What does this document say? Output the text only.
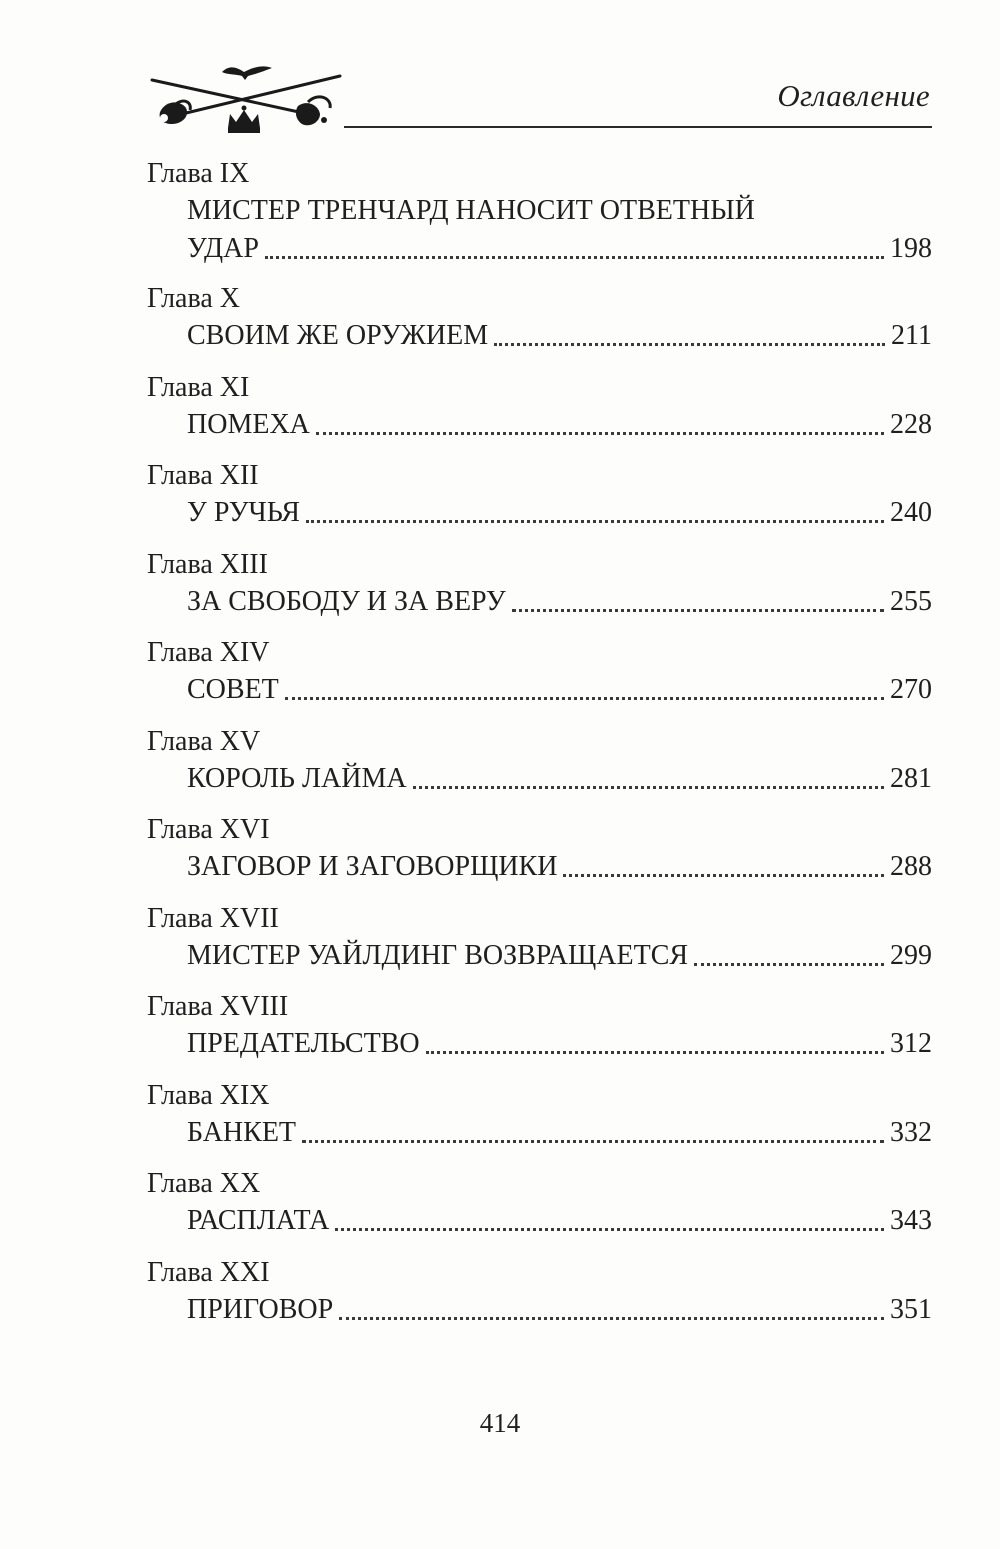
Оглавление
Глава IX
МИСТЕР ТРЕНЧАРД НАНОСИТ ОТВЕТНЫЙ
УДАР	198
Глава X
СВОИМ ЖЕ ОРУЖИЕМ	211
Глава XI
ПОМЕХА	228
Глава XII
У РУЧЬЯ	240
Глава XIII
ЗА СВОБОДУ И ЗА ВЕРУ	255
Глава XIV
СОВЕТ	270
Глава XV
КОРОЛЬ ЛАЙМА	281
Глава XVI
ЗАГОВОР И ЗАГОВОРЩИКИ	288
Глава XVII
МИСТЕР УАЙЛДИНГ ВОЗВРАЩАЕТСЯ	299
Глава XVIII
ПРЕДАТЕЛЬСТВО	312
Глава XIX
БАНКЕТ	332
Глава XX
РАСПЛАТА	343
Глава XXI
ПРИГОВОР	351
414
